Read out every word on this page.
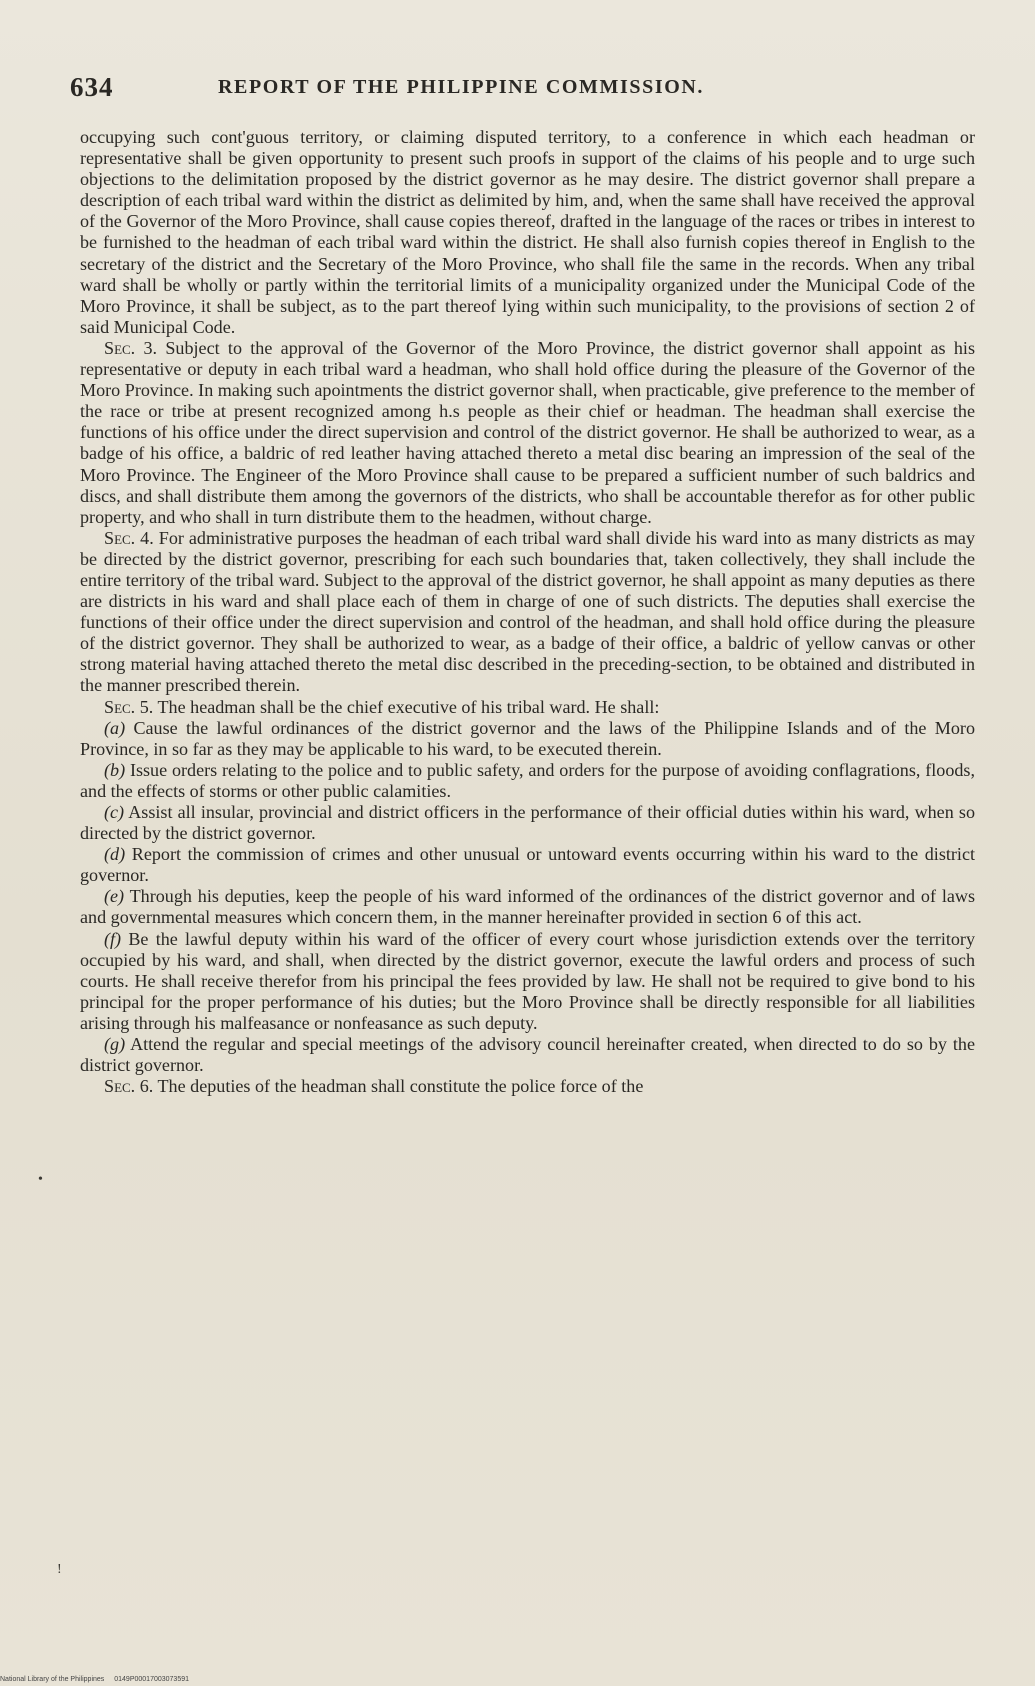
634	REPORT OF THE PHILIPPINE COMMISSION.

occupying such cont'guous territory, or claiming disputed territory, to a conference in which each headman or representative shall be given opportunity to present such proofs in support of the claims of his people and to urge such objections to the delimitation proposed by the district governor as he may desire. The district governor shall prepare a description of each tribal ward within the district as delimited by him, and, when the same shall have received the approval of the Governor of the Moro Province, shall cause copies thereof, drafted in the language of the races or tribes in interest to be furnished to the headman of each tribal ward within the district. He shall also furnish copies thereof in English to the secretary of the district and the Secretary of the Moro Province, who shall file the same in the records. When any tribal ward shall be wholly or partly within the territorial limits of a municipality organized under the Municipal Code of the Moro Province, it shall be subject, as to the part thereof lying within such municipality, to the provisions of section 2 of said Municipal Code.

Sec. 3. Subject to the approval of the Governor of the Moro Province, the district governor shall appoint as his representative or deputy in each tribal ward a headman, who shall hold office during the pleasure of the Governor of the Moro Province. In making such apointments the district governor shall, when practicable, give preference to the member of the race or tribe at present recognized among h.s people as their chief or headman. The headman shall exercise the functions of his office under the direct supervision and control of the district governor. He shall be authorized to wear, as a badge of his office, a baldric of red leather having attached thereto a metal disc bearing an impression of the seal of the Moro Province. The Engineer of the Moro Province shall cause to be prepared a sufficient number of such baldrics and discs, and shall distribute them among the governors of the districts, who shall be accountable therefor as for other public property, and who shall in turn distribute them to the headmen, without charge.

Sec. 4. For administrative purposes the headman of each tribal ward shall divide his ward into as many districts as may be directed by the district governor, prescribing for each such boundaries that, taken collectively, they shall include the entire territory of the tribal ward. Subject to the approval of the district governor, he shall appoint as many deputies as there are districts in his ward and shall place each of them in charge of one of such districts. The deputies shall exercise the functions of their office under the direct supervision and control of the headman, and shall hold office during the pleasure of the district governor. They shall be authorized to wear, as a badge of their office, a baldric of yellow canvas or other strong material having attached thereto the metal disc described in the preceding-section, to be obtained and distributed in the manner prescribed therein.

Sec. 5. The headman shall be the chief executive of his tribal ward. He shall:

(a) Cause the lawful ordinances of the district governor and the laws of the Philippine Islands and of the Moro Province, in so far as they may be applicable to his ward, to be executed therein.

(b) Issue orders relating to the police and to public safety, and orders for the purpose of avoiding conflagrations, floods, and the effects of storms or other public calamities.

(c) Assist all insular, provincial and district officers in the performance of their official duties within his ward, when so directed by the district governor.

(d) Report the commission of crimes and other unusual or untoward events occurring within his ward to the district governor.

(e) Through his deputies, keep the people of his ward informed of the ordinances of the district governor and of laws and governmental measures which concern them, in the manner hereinafter provided in section 6 of this act.

(f) Be the lawful deputy within his ward of the officer of every court whose jurisdiction extends over the territory occupied by his ward, and shall, when directed by the district governor, execute the lawful orders and process of such courts. He shall receive therefor from his principal the fees provided by law. He shall not be required to give bond to his principal for the proper performance of his duties; but the Moro Province shall be directly responsible for all liabilities arising through his malfeasance or nonfeasance as such deputy.

(g) Attend the regular and special meetings of the advisory council hereinafter created, when directed to do so by the district governor.

Sec. 6. The deputies of the headman shall constitute the police force of the

•
!
National Library of the Philippines 0149P00017003073591
